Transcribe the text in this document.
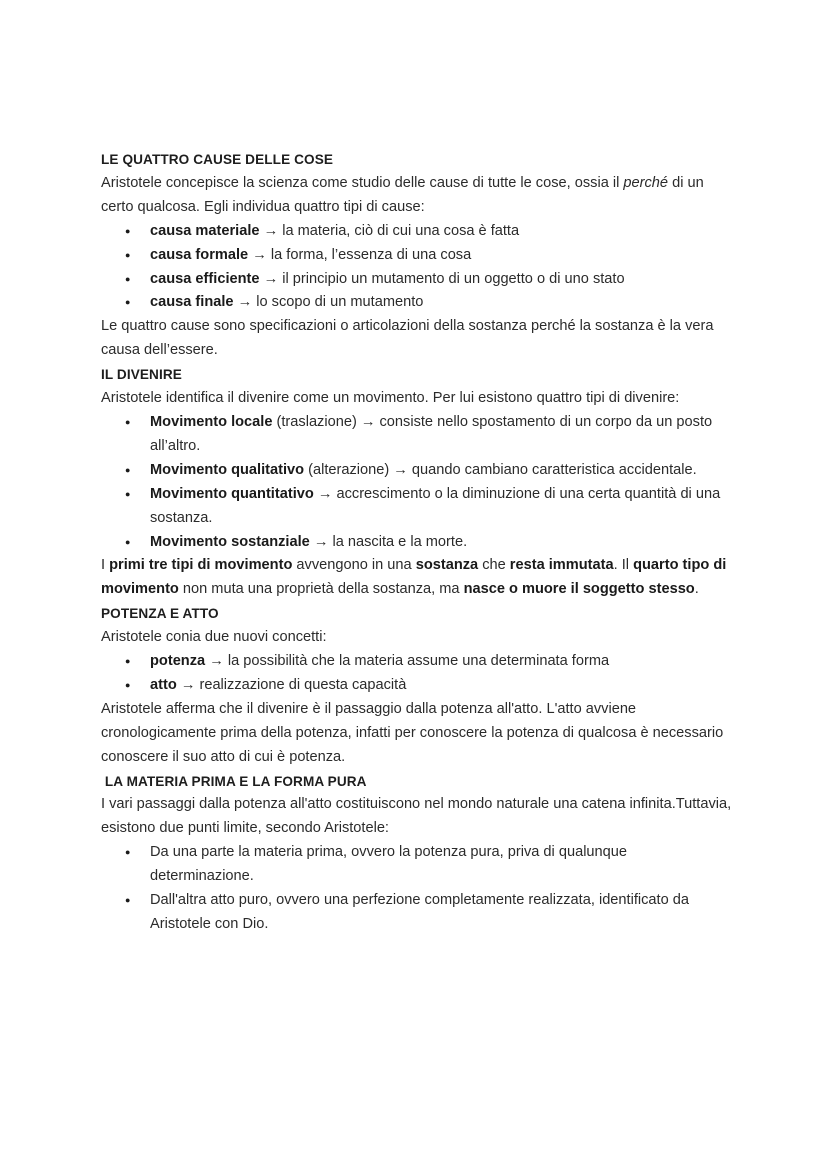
LE QUATTRO CAUSE DELLE COSE

Aristotele concepisce la scienza come studio delle cause di tutte le cose, ossia il perché di un certo qualcosa. Egli individua quattro tipi di cause:

● causa materiale → la materia, ciò di cui una cosa è fatta
● causa formale → la forma, l’essenza di una cosa
● causa efficiente → il principio un mutamento di un oggetto o di uno stato
● causa finale → lo scopo di un mutamento

Le quattro cause sono specificazioni o articolazioni della sostanza perché la sostanza è la vera causa dell’essere.

IL DIVENIRE

Aristotele identifica il divenire come un movimento. Per lui esistono quattro tipi di divenire:

● Movimento locale (traslazione) → consiste nello spostamento di un corpo da un posto all’altro.
● Movimento qualitativo (alterazione) → quando cambiano caratteristica accidentale.
● Movimento quantitativo → accrescimento o la diminuzione di una certa quantità di una sostanza.
● Movimento sostanziale → la nascita e la morte.

I primi tre tipi di movimento avvengono in una sostanza che resta immutata. Il quarto tipo di movimento non muta una proprietà della sostanza, ma nasce o muore il soggetto stesso.

POTENZA E ATTO

Aristotele conia due nuovi concetti:

● potenza → la possibilità che la materia assume una determinata forma
● atto → realizzazione di questa capacità

Aristotele afferma che il divenire è il passaggio dalla potenza all'atto. L'atto avviene cronologicamente prima della potenza, infatti per conoscere la potenza di qualcosa è necessario conoscere il suo atto di cui è potenza.

LA MATERIA PRIMA E LA FORMA PURA

I vari passaggi dalla potenza all'atto costituiscono nel mondo naturale una catena infinita.Tuttavia, esistono due punti limite, secondo Aristotele:

● Da una parte la materia prima, ovvero la potenza pura, priva di qualunque determinazione.
● Dall'altra atto puro, ovvero una perfezione completamente realizzata, identificato da Aristotele con Dio.
